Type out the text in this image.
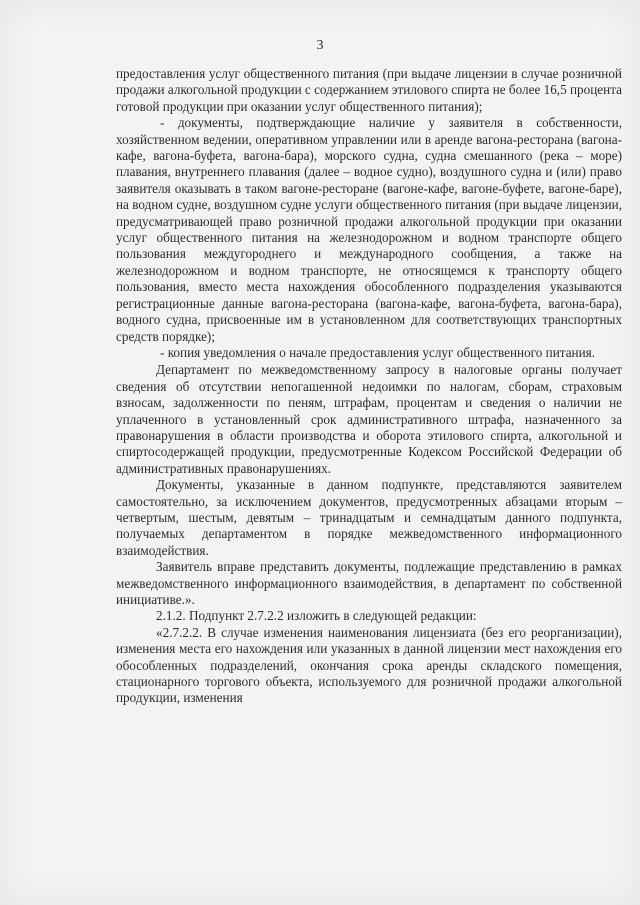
3

предоставления услуг общественного питания (при выдаче лицензии в случае розничной продажи алкогольной продукции с содержанием этилового спирта не более 16,5 процента готовой продукции при оказании услуг общественного питания);

- документы, подтверждающие наличие у заявителя в собственности, хозяйственном ведении, оперативном управлении или в аренде вагона-ресторана (вагона-кафе, вагона-буфета, вагона-бара), морского судна, судна смешанного (река – море) плавания, внутреннего плавания (далее – водное судно), воздушного судна и (или) право заявителя оказывать в таком вагоне-ресторане (вагоне-кафе, вагоне-буфете, вагоне-баре), на водном судне, воздушном судне услуги общественного питания (при выдаче лицензии, предусматривающей право розничной продажи алкогольной продукции при оказании услуг общественного питания на железнодорожном и водном транспорте общего пользования междугороднего и международного сообщения, а также на железнодорожном и водном транспорте, не относящемся к транспорту общего пользования, вместо места нахождения обособленного подразделения указываются регистрационные данные вагона-ресторана (вагона-кафе, вагона-буфета, вагона-бара), водного судна, присвоенные им в установленном для соответствующих транспортных средств порядке);

- копия уведомления о начале предоставления услуг общественного питания.

Департамент по межведомственному запросу в налоговые органы получает сведения об отсутствии непогашенной недоимки по налогам, сборам, страховым взносам, задолженности по пеням, штрафам, процентам и сведения о наличии не уплаченного в установленный срок административного штрафа, назначенного за правонарушения в области производства и оборота этилового спирта, алкогольной и спиртосодержащей продукции, предусмотренные Кодексом Российской Федерации об административных правонарушениях.

Документы, указанные в данном подпункте, представляются заявителем самостоятельно, за исключением документов, предусмотренных абзацами вторым – четвертым, шестым, девятым – тринадцатым и семнадцатым данного подпункта, получаемых департаментом в порядке межведомственного информационного взаимодействия.

Заявитель вправе представить документы, подлежащие представлению в рамках межведомственного информационного взаимодействия, в департамент по собственной инициативе.».

2.1.2. Подпункт 2.7.2.2 изложить в следующей редакции:

«2.7.2.2. В случае изменения наименования лицензиата (без его реорганизации), изменения места его нахождения или указанных в данной лицензии мест нахождения его обособленных подразделений, окончания срока аренды складского помещения, стационарного торгового объекта, используемого для розничной продажи алкогольной продукции, изменения
